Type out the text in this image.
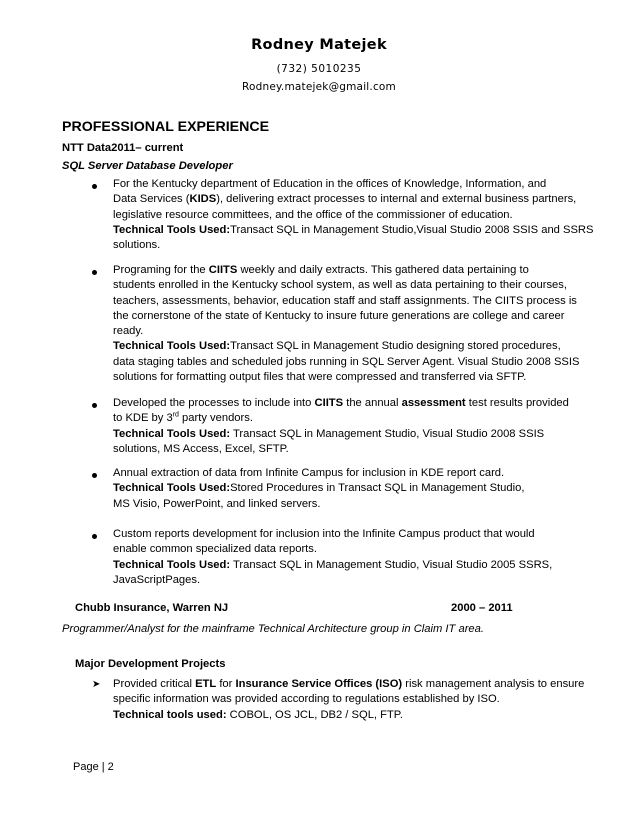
Rodney Matejek
(732) 5010235
Rodney.matejek@gmail.com
PROFESSIONAL EXPERIENCE
NTT Data2011– current
SQL Server Database Developer

For the Kentucky department of Education in the offices of Knowledge, Information, and

Data Services (KIDS), delivering extract processes to internal and external business partners,

legislative resource committees, and the office of the commissioner of education.

Technical Tools Used:Transact SQL in Management Studio,Visual Studio 2008 SSIS and SSRS

solutions.

Programing for the CIITS weekly and daily extracts. This gathered data pertaining to

students enrolled in the Kentucky school system, as well as data pertaining to their courses,

teachers, assessments, behavior, education staff and staff assignments. The CIITS process is

the cornerstone of the state of Kentucky to insure future generations are college and career

ready.

Technical Tools Used:Transact SQL in Management Studio designing stored procedures,

data staging tables and scheduled jobs running in SQL Server Agent. Visual Studio 2008 SSIS

solutions for formatting output files that were compressed and transferred via SFTP.

Developed the processes to include into CIITS the annual assessment test results provided

to KDE by 3rd party vendors.

Technical Tools Used: Transact SQL in Management Studio, Visual Studio 2008 SSIS

solutions, MS Access, Excel, SFTP.

Annual extraction of data from Infinite Campus for inclusion in KDE report card.

Technical Tools Used:Stored Procedures in Transact SQL in Management Studio,

MS Visio, PowerPoint, and linked servers.

Custom reports development for inclusion into the Infinite Campus product that would

enable common specialized data reports.

Technical Tools Used: Transact SQL in Management Studio, Visual Studio 2005 SSRS,

JavaScriptPages.

Chubb Insurance, Warren NJ	2000 – 2011
Programmer/Analyst for the mainframe Technical Architecture group in Claim IT area.
Major Development Projects
➤ Provided critical ETL for Insurance Service Offices (ISO) risk management analysis to ensure

specific information was provided according to regulations established by ISO.

Technical tools used: COBOL, OS JCL, DB2 / SQL, FTP.

Page | 2
